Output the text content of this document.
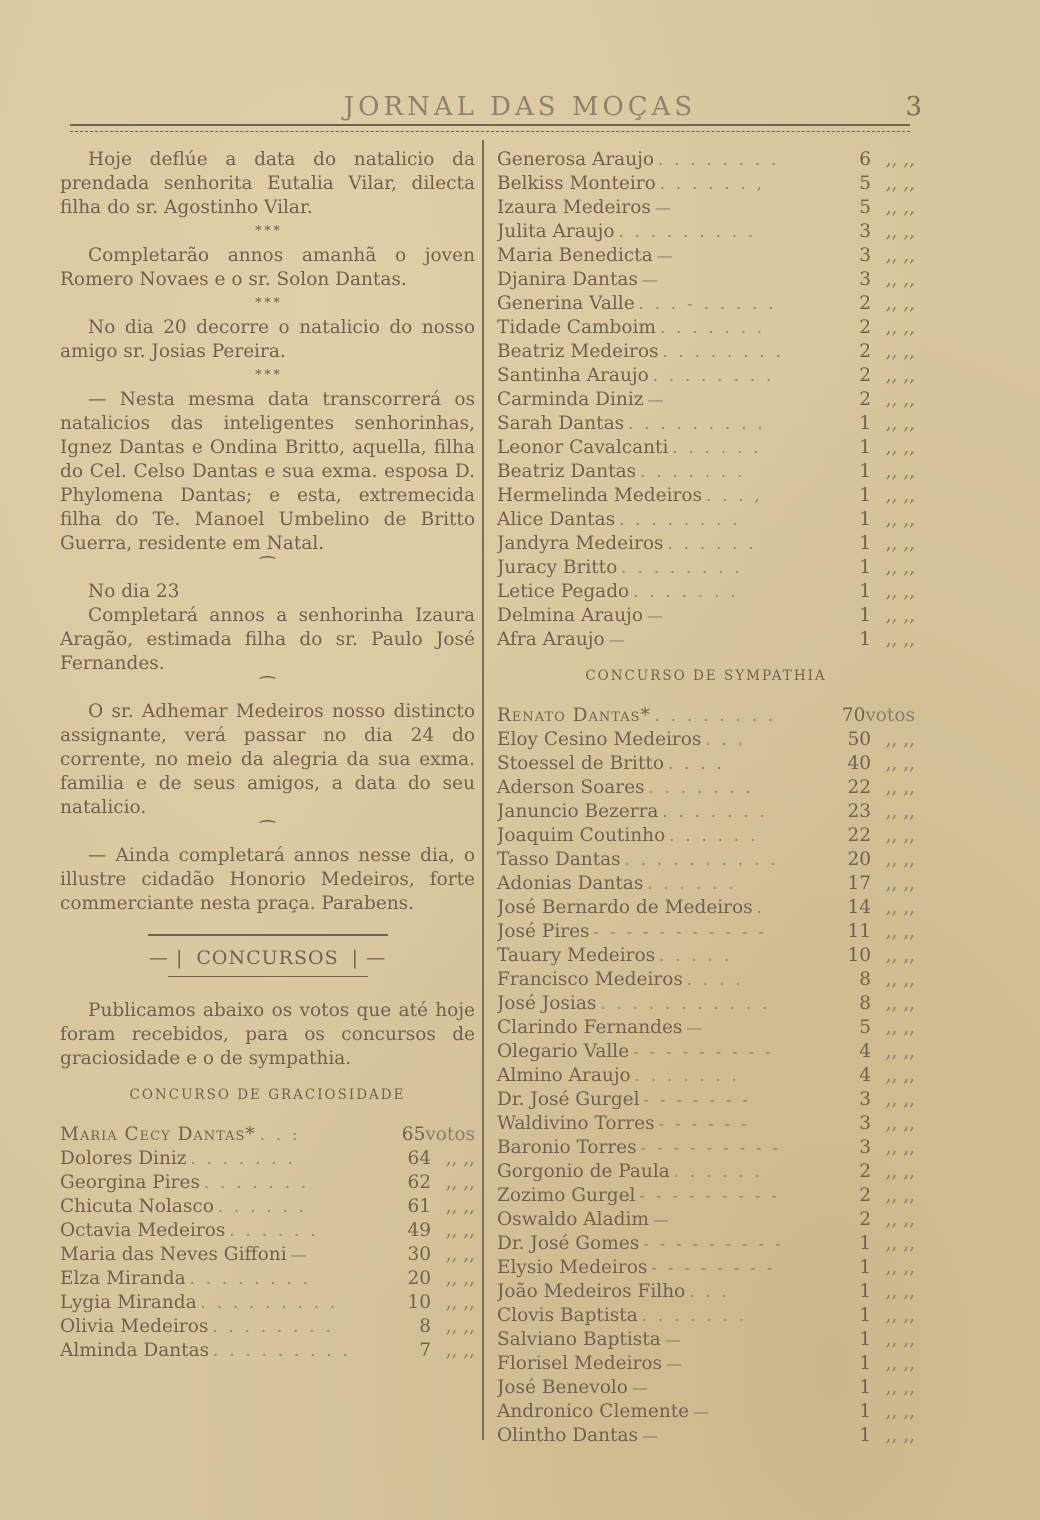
JORNAL DAS MOÇAS	3
Hoje deflúe a data do natalicio da prendada senhorita Eutalia Vilar, dilecta filha do sr. Agostinho Vilar.
* * *
Completarão annos amanhã o joven Romero Novaes e o sr. Solon Dantas.
* * *
No dia 20 decorre o natalicio do nosso amigo sr. Josias Pereira.
* * *
— Nesta mesma data transcorrerá os natalicios das inteligentes senhorinhas, Ignez Dantas e Ondina Britto, aquella, filha do Cel. Celso Dantas e sua exma. esposa D. Phylomena Dantas; e esta, extremecida filha do Te. Manoel Umbelino de Britto Guerra, residente em Natal.
⁀
No dia 23
Completará annos a senhorinha Izaura Aragão, estimada filha do sr. Paulo José Fernandes.
⁀
O sr. Adhemar Medeiros nosso distincto assignante, verá passar no dia 24 do corrente, no meio da alegria da sua exma. familia e de seus amigos, a data do seu natalicio.
⁀
— Ainda completará annos nesse dia, o illustre cidadão Honorio Medeiros, forte commerciante nesta praça. Parabens.
— | CONCURSOS | —
Publicamos abaixo os votos que até hoje foram recebidos, para os concursos de graciosidade e o de sympathia.
CONCURSO DE GRACIOSIDADE
Maria Cecy Dantas* . . :	65 votos
Dolores Diniz . . . . . . .	64 ,, ,,
Georgina Pires . . . . . . .	62 ,, ,,
Chicuta Nolasco . . . . . .	61 ,, ,,
Octavia Medeiros . . . . . .	49 ,, ,,
Maria das Neves Giffoni —	30 ,, ,,
Elza Miranda . . . . . . . .	20 ,, ,,
Lygia Miranda . . . . . . . . .	10 ,, ,,
Olivia Medeiros . . . . . . . .	8 ,, ,,
Alminda Dantas . . . . . . . . .	7 ,, ,,
Generosa Araujo . . . . . . . .	6 ,, ,,
Belkiss Monteiro . . . . . . ,	5 ,, ,,
Izaura Medeiros —	5 ,, ,,
Julita Araujo . . . . . . . . .	3 ,, ,,
Maria Benedicta —	3 ,, ,,
Djanira Dantas —	3 ,, ,,
Generina Valle . . . - . . . . .	2 ,, ,,
Tidade Camboim . . . . . . .	2 ,, ,,
Beatriz Medeiros . . . . . . . .	2 ,, ,,
Santinha Araujo . . . . . . . .	2 ,, ,,
Carminda Diniz —	2 ,, ,,
Sarah Dantas . . . . . . . . .	1 ,, ,,
Leonor Cavalcanti . . . . . .	1 ,, ,,
Beatriz Dantas . . . . . . .	1 ,, ,,
Hermelinda Medeiros . . . ,	1 ,, ,,
Alice Dantas . . . . . . . .	1 ,, ,,
Jandyra Medeiros . . . . . .	1 ,, ,,
Juracy Britto . . . . . . . .	1 ,, ,,
Letice Pegado . . . . . . .	1 ,, ,,
Delmina Araujo —	1 ,, ,,
Afra Araujo —	1 ,, ,,
CONCURSO DE SYMPATHIA
Renato Dantas* . . . . . . . .	70 votos
Eloy Cesino Medeiros . . .	50 ,, ,,
Stoessel de Britto . . . .	40 ,, ,,
Aderson Soares . . . . . . .	22 ,, ,,
Januncio Bezerra . . . . . . .	23 ,, ,,
Joaquim Coutinho . . . . . .	22 ,, ,,
Tasso Dantas . . . . . . . . . .	20 ,, ,,
Adonias Dantas . . . . . .	17 ,, ,,
José Bernardo de Medeiros .	14 ,, ,,
José Pires - - - - - - - - - - -	11 ,, ,,
Tauary Medeiros . . . . .	10 ,, ,,
Francisco Medeiros . . . .	8 ,, ,,
José Josias . . . . . . . . . . .	8 ,, ,,
Clarindo Fernandes —	5 ,, ,,
Olegario Valle - - - - - - - - -	4 ,, ,,
Almino Araujo . . . . . . .	4 ,, ,,
Dr. José Gurgel - - - - - - -	3 ,, ,,
Waldivino Torres - - - - - -	3 ,, ,,
Baronio Torres - - - - - - - - -	3 ,, ,,
Gorgonio de Paula . . . . . .	2 ,, ,,
Zozimo Gurgel - - - - - - - - -	2 ,, ,,
Oswaldo Aladim —	2 ,, ,,
Dr. José Gomes - - - - - - - - -	1 ,, ,,
Elysio Medeiros - - - - - - - -	1 ,, ,,
João Medeiros Filho . . .	1 ,, ,,
Clovis Baptista . . . . . . .	1 ,, ,,
Salviano Baptista —	1 ,, ,,
Florisel Medeiros —	1 ,, ,,
José Benevolo —	1 ,, ,,
Andronico Clemente —	1 ,, ,,
Olintho Dantas —	1 ,, ,,
